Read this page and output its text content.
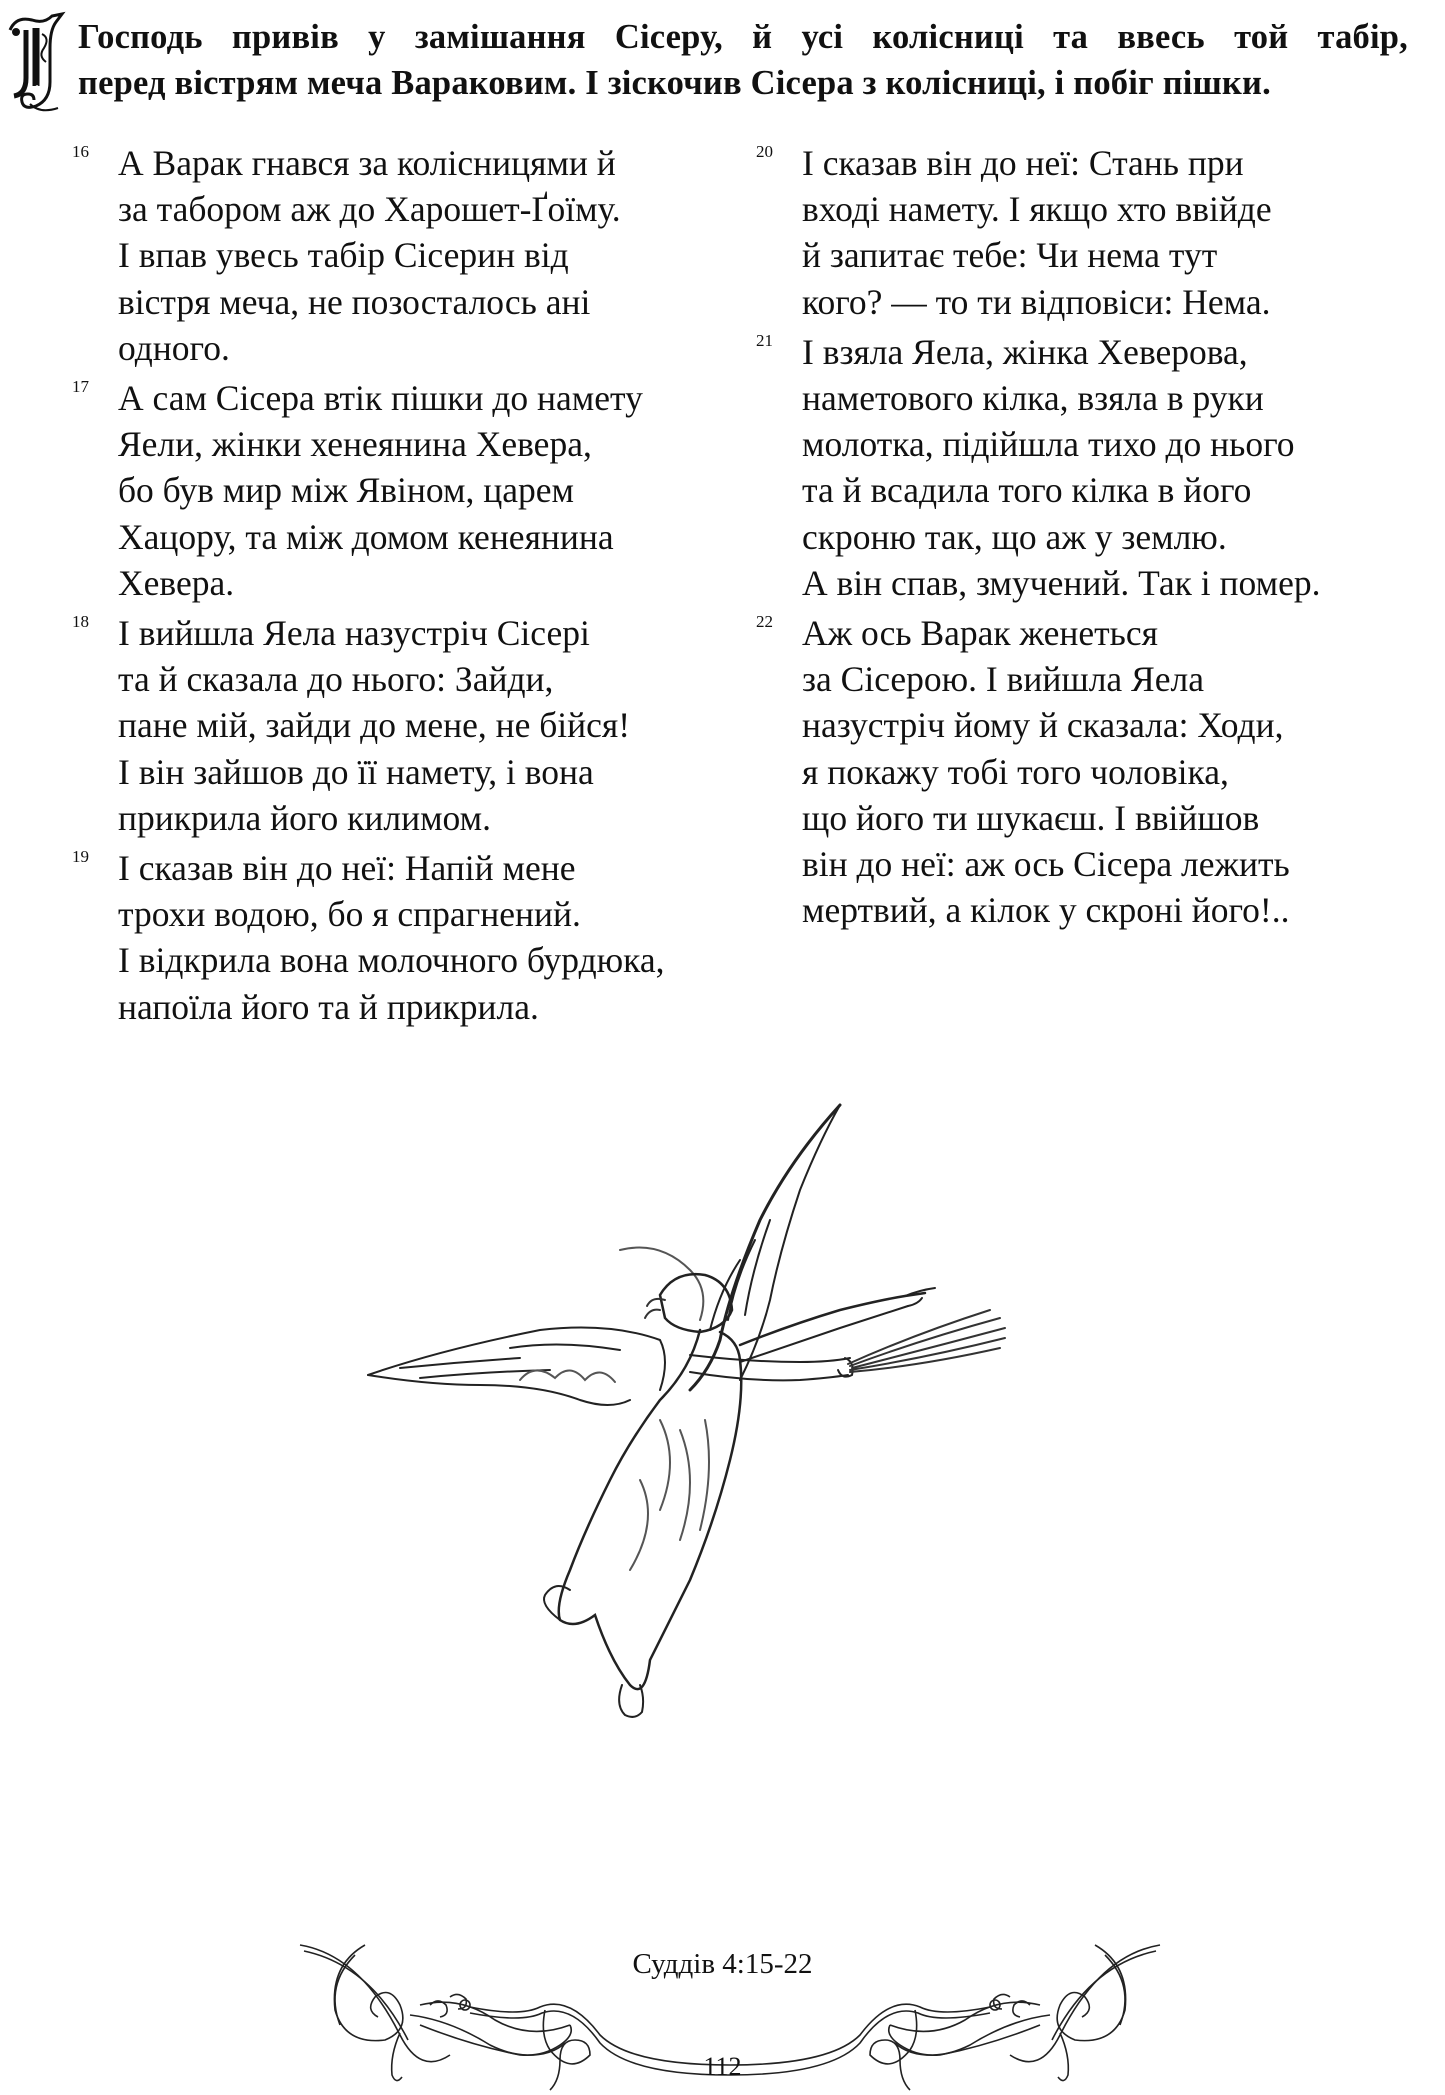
І
Господь привів у замішання Сісеру, й усі колісниці та ввесь той табір,
перед вістрям меча Вараковим. І зіскочив Сісера з колісниці, і побіг пішки.
16 А Варак гнався за колісницями й
за табором аж до Харошет-Ґоїму.
І впав увесь табір Сісерин від
вістря меча, не позосталось ані
одного.
17 А сам Сісера втік пішки до намету
Яели, жінки хенеянина Хевера,
бо був мир між Явіном, царем
Хацору, та між домом кенеянина
Хевера.
18 І вийшла Яела назустріч Сісері
та й сказала до нього: Зайди,
пане мій, зайди до мене, не бійся!
І він зайшов до її намету, і вона
прикрила його килимом.
19 І сказав він до неї: Напій мене
трохи водою, бо я спрагнений.
І відкрила вона молочного бурдюка,
напоїла його та й прикрила.
20 І сказав він до неї: Стань при
вході намету. І якщо хто ввійде
й запитає тебе: Чи нема тут
кого? — то ти відповіси: Нема.
21 І взяла Яела, жінка Хеверова,
наметового кілка, взяла в руки
молотка, підійшла тихо до нього
та й всадила того кілка в його
скроню так, що аж у землю.
А він спав, змучений. Так і помер.
22 Аж ось Варак женеться
за Сісерою. І вийшла Яела
назустріч йому й сказала: Ходи,
я покажу тобі того чоловіка,
що його ти шукаєш. І ввійшов
він до неї: аж ось Сісера лежить
мертвий, а кілок у скроні його!..
Суддів 4:15-22
112
